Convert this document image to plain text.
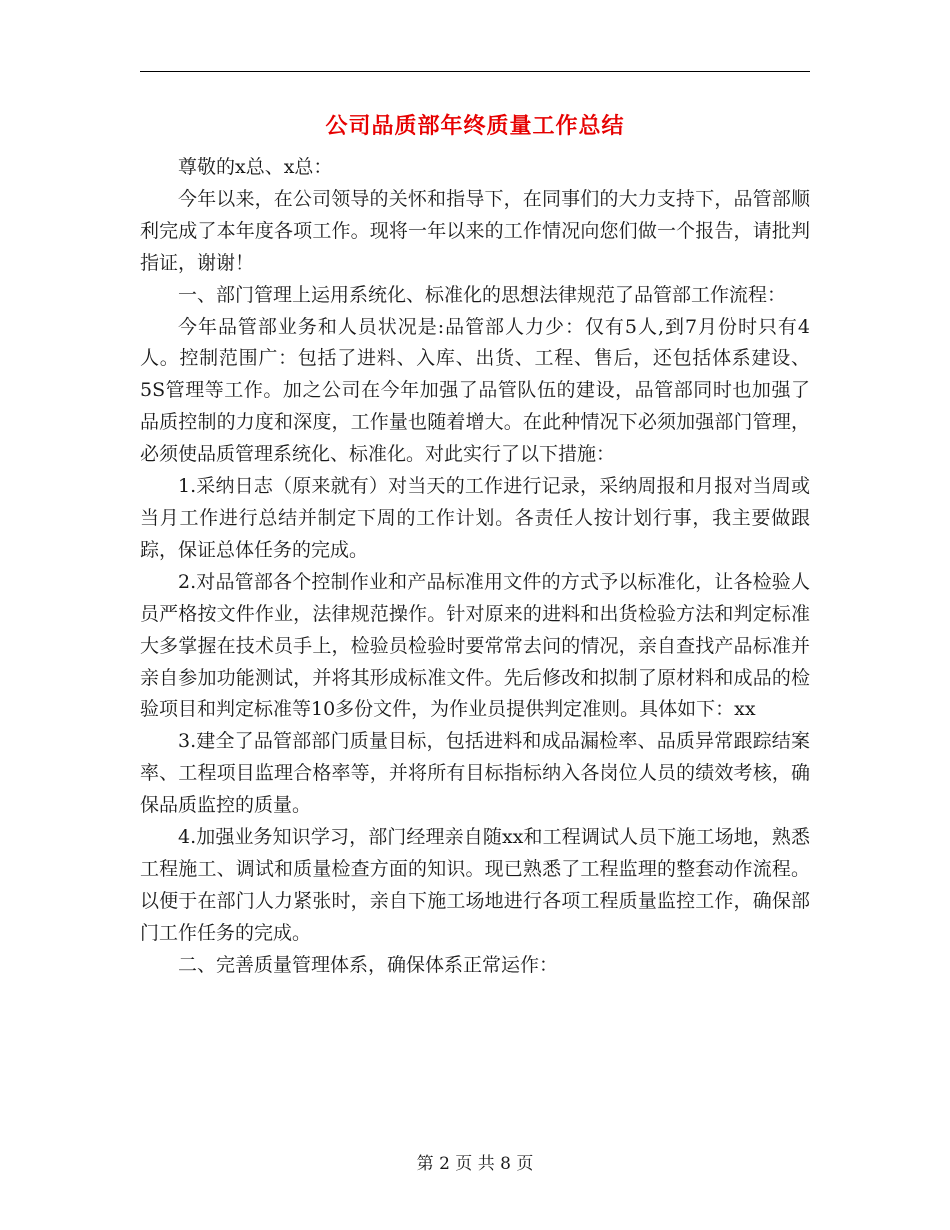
公司品质部年终质量工作总结

尊敬的x总、x总：

今年以来，在公司领导的关怀和指导下，在同事们的大力支持下，品管部顺利完成了本年度各项工作。现将一年以来的工作情况向您们做一个报告，请批判指证，谢谢！

一、部门管理上运用系统化、标准化的思想法律规范了品管部工作流程：

今年品管部业务和人员状况是:品管部人力少：仅有5人,到7月份时只有4人。控制范围广：包括了进料、入库、出货、工程、售后，还包括体系建设、5S管理等工作。加之公司在今年加强了品管队伍的建设，品管部同时也加强了品质控制的力度和深度，工作量也随着增大。在此种情况下必须加强部门管理，必须使品质管理系统化、标准化。对此实行了以下措施：

1.采纳日志（原来就有）对当天的工作进行记录，采纳周报和月报对当周或当月工作进行总结并制定下周的工作计划。各责任人按计划行事，我主要做跟踪，保证总体任务的完成。

2.对品管部各个控制作业和产品标准用文件的方式予以标准化，让各检验人员严格按文件作业，法律规范操作。针对原来的进料和出货检验方法和判定标准大多掌握在技术员手上，检验员检验时要常常去问的情况，亲自查找产品标准并亲自参加功能测试，并将其形成标准文件。先后修改和拟制了原材料和成品的检验项目和判定标准等10多份文件，为作业员提供判定准则。具体如下：xx

3.建全了品管部部门质量目标，包括进料和成品漏检率、品质异常跟踪结案率、工程项目监理合格率等，并将所有目标指标纳入各岗位人员的绩效考核，确保品质监控的质量。

4.加强业务知识学习，部门经理亲自随xx和工程调试人员下施工场地，熟悉工程施工、调试和质量检查方面的知识。现已熟悉了工程监理的整套动作流程。以便于在部门人力紧张时，亲自下施工场地进行各项工程质量监控工作，确保部门工作任务的完成。

二、完善质量管理体系，确保体系正常运作：

第 2 页 共 8 页
